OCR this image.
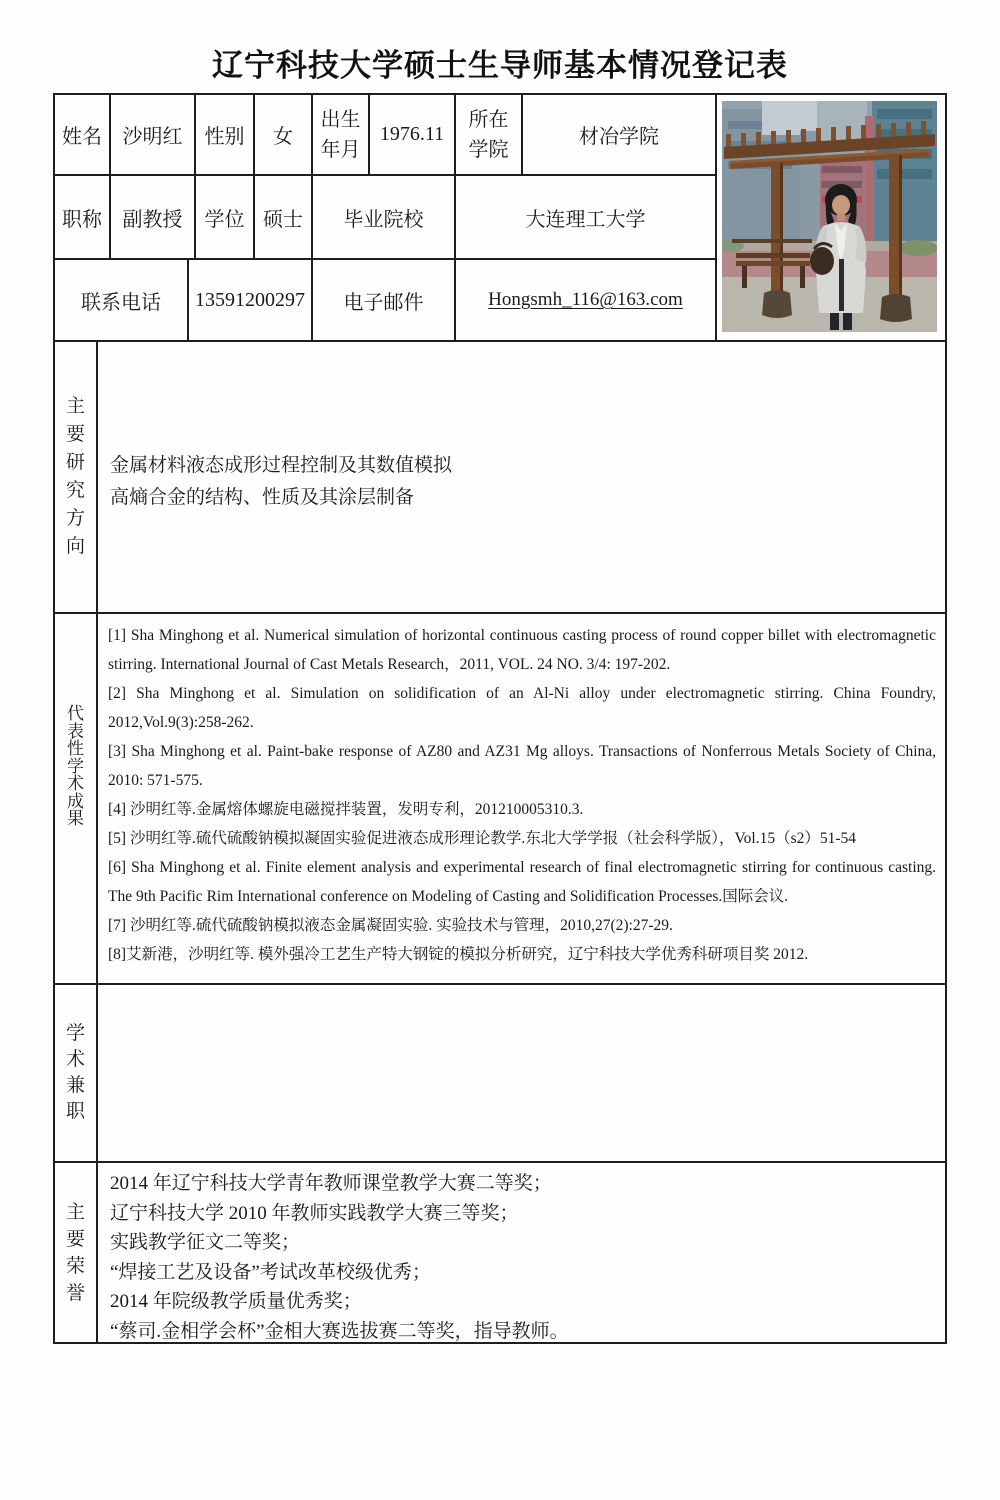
辽宁科技大学硕士生导师基本情况登记表
姓名 沙明红 性别 女
出生年月
1976.11
所在学院
材冶学院
职称 副教授 学位 硕士 毕业院校	大连理工大学
联系电话 13591200297 电子邮件	Hongsmh_116@163.com
主要研究方向
金属材料液态成形过程控制及其数值模拟
高熵合金的结构、性质及其涂层制备
代表性学术成果

[1] Sha Minghong et al. Numerical simulation of horizontal continuous casting process of round copper billet with electromagnetic stirring. International Journal of Cast Metals Research，2011, VOL. 24 NO. 3/4: 197-202.

[2] Sha Minghong et al. Simulation on solidification of an Al-Ni alloy under electromagnetic stirring. China Foundry, 2012,Vol.9(3):258-262.

[3] Sha Minghong et al. Paint-bake response of AZ80 and AZ31 Mg alloys. Transactions of Nonferrous Metals Society of China, 2010: 571-575.

[4] 沙明红等.金属熔体螺旋电磁搅拌装置，发明专利，201210005310.3.

[5] 沙明红等.硫代硫酸钠模拟凝固实验促进液态成形理论教学.东北大学学报（社会科学版），Vol.15（s2）51-54

[6] Sha Minghong et al. Finite element analysis and experimental research of final electromagnetic stirring for continuous casting. The 9th Pacific Rim International conference on Modeling of Casting and Solidification Processes.国际会议.

[7] 沙明红等.硫代硫酸钠模拟液态金属凝固实验. 实验技术与管理，2010,27(2):27-29.

[8]艾新港，沙明红等. 模外强冷工艺生产特大钢锭的模拟分析研究，辽宁科技大学优秀科研项目奖 2012.

学术兼职
主要荣誉
2014 年辽宁科技大学青年教师课堂教学大赛二等奖；
辽宁科技大学 2010 年教师实践教学大赛三等奖；
实践教学征文二等奖；
“焊接工艺及设备”考试改革校级优秀；
2014 年院级教学质量优秀奖；
“蔡司.金相学会杯”金相大赛选拔赛二等奖，指导教师。
